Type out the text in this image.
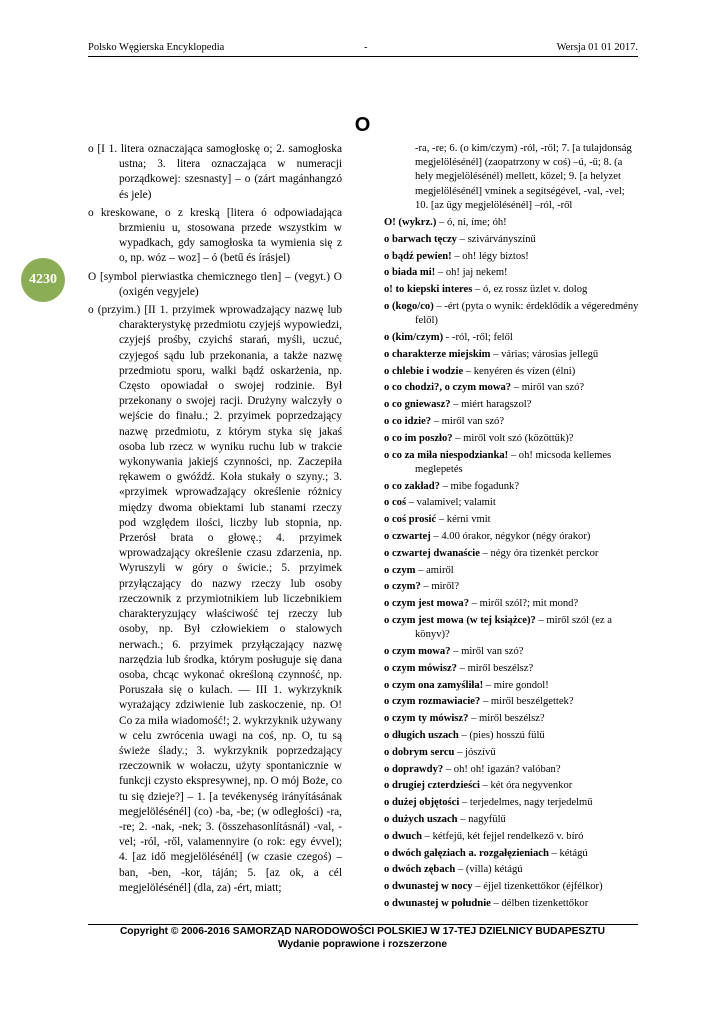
Polsko Węgierska Encyklopedia	-	Wersja 01 01 2017.
O
4230

o [I 1. litera oznaczająca samogłoskę o; 2. samogłoska ustna; 3. litera oznaczająca w numeracji porządkowej: szesnasty] – o (zárt magánhangzó és jele)

o kreskowane, o z kreską [litera ó odpowiadająca brzmieniu u, stosowana przede wszystkim w wypadkach, gdy samogłoska ta wymienia się z o, np. wóz – woz] – ó (betű és írásjel)

O [symbol pierwiastka chemicznego tlen] – (vegyt.) O (oxigén vegyjele)

o (przyim.) [II 1. przyimek wprowadzający nazwę lub charakterystykę przedmiotu czyjejś wypowiedzi, czyjejś prośby, czyichś starań, myśli, uczuć, czyjegoś sądu lub przekonania, a także nazwę przedmiotu sporu, walki bądź oskarżenia, np. Często opowiadał o swojej rodzinie. Był przekonany o swojej racji. Drużyny walczyły o wejście do finału.; 2. przyimek poprzedzający nazwę przedmiotu, z którym styka się jakaś osoba lub rzecz w wyniku ruchu lub w trakcie wykonywania jakiejś czynności, np. Zaczepiła rękawem o gwóźdź. Koła stukały o szyny.; 3. «przyimek wprowadzający określenie różnicy między dwoma obiektami lub stanami rzeczy pod względem ilości, liczby lub stopnia, np. Przerósł brata o głowę.; 4. przyimek wprowadzający określenie czasu zdarzenia, np. Wyruszyli w góry o świcie.; 5. przyimek przyłączający do nazwy rzeczy lub osoby rzeczownik z przymiotnikiem lub liczebnikiem charakteryzujący właściwość tej rzeczy lub osoby, np. Był człowiekiem o stalowych nerwach.; 6. przyimek przyłączający nazwę narzędzia lub środka, którym posługuje się dana osoba, chcąc wykonać określoną czynność, np. Poruszała się o kulach. — III 1. wykrzyknik wyrażający zdziwienie lub zaskoczenie, np. O! Co za miła wiadomość!; 2. wykrzyknik używany w celu zwrócenia uwagi na coś, np. O, tu są świeże ślady.; 3. wykrzyknik poprzedzający rzeczownik w wołaczu, użyty spontanicznie w funkcji czysto ekspresywnej, np. O mój Boże, co tu się dzieje?] – 1. [a tevékenység irányításának megjelölésénél] (co) -ba, -be; (w odległości) -ra, -re; 2. -nak, -nek; 3. (összehasonlításnál) -val, -vel; -ról, -ről, valamennyire (o rok: egy évvel); 4. [az idő megjelölésénél] (w czasie czegoś) –ban, -ben, -kor, táján; 5. [az ok, a cél megjelölésénél] (dla, za) -ért, miatt;

-ra, -re; 6. (o kim/czym) -ról, -ről; 7. [a tulajdonság megjelölésénél] (zaopatrzony w coś) –ú, -ű; 8. (a hely megjelölésénél) mellett, közel; 9. [a helyzet megjelölésénél] vminek a segítségével, -val, -vel; 10. [az ügy megjelölésénél] –ról, -ről

O! (wykrz.) – ó, ni, íme; óh!

o barwach tęczy – szivárványszínű

o bądź pewien! – oh! légy biztos!

o biada mi! – oh! jaj nekem!

o! to kiepski interes – ó, ez rossz üzlet v. dolog

o (kogo/co) – -ért (pyta o wynik: érdeklődik a végeredmény felől)

o (kim/czym) - -ról, -ről; felől

o charakterze miejskim – várias; városias jellegű

o chlebie i wodzie – kenyéren és vízen (élni)

o co chodzi?, o czym mowa? – miről van szó?

o co gniewasz? – miért haragszol?

o co idzie? – miről van szó?

o co im poszło? – miről volt szó (közöttük)?

o co za miła niespodzianka! – oh! micsoda kellemes meglepetés

o co zakład? – mibe fogadunk?

o coś – valamivel; valamit

o coś prosić – kérni vmit

o czwartej – 4.00 órakor, négykor (négy órakor)

o czwartej dwanaście – négy óra tizenkét perckor

o czym – amiről

o czym? – miről?

o czym jest mowa? – miről szól?; mit mond?

o czym jest mowa (w tej książce)? – miről szól (ez a könyv)?

o czym mowa? – miről van szó?

o czym mówisz? – miről beszélsz?

o czym ona zamyśliła! – mire gondol!

o czym rozmawiacie? – miről beszélgettek?

o czym ty mówisz? – miről beszélsz?

o długich uszach – (pies) hosszú fülű

o dobrym sercu – jószívű

o doprawdy? – oh! oh! igazán? valóban?

o drugiej czterdzieści – két óra negyvenkor

o dużej objętości – terjedelmes, nagy terjedelmű

o dużych uszach – nagyfülű

o dwuch – kétfejű, két fejjel rendelkező v. bíró

o dwóch gałęziach a. rozgałęzieniach – kétágú

o dwóch zębach – (villa) kétágú

o dwunastej w nocy – éjjel tizenkettőkor (éjfélkor)

o dwunastej w południe – délben tizenkettőkor

Copyright © 2006-2016 SAMORZĄD NARODOWOŚCI POLSKIEJ W 17-TEJ DZIELNICY BUDAPESZTU
Wydanie poprawione i rozszerzone
